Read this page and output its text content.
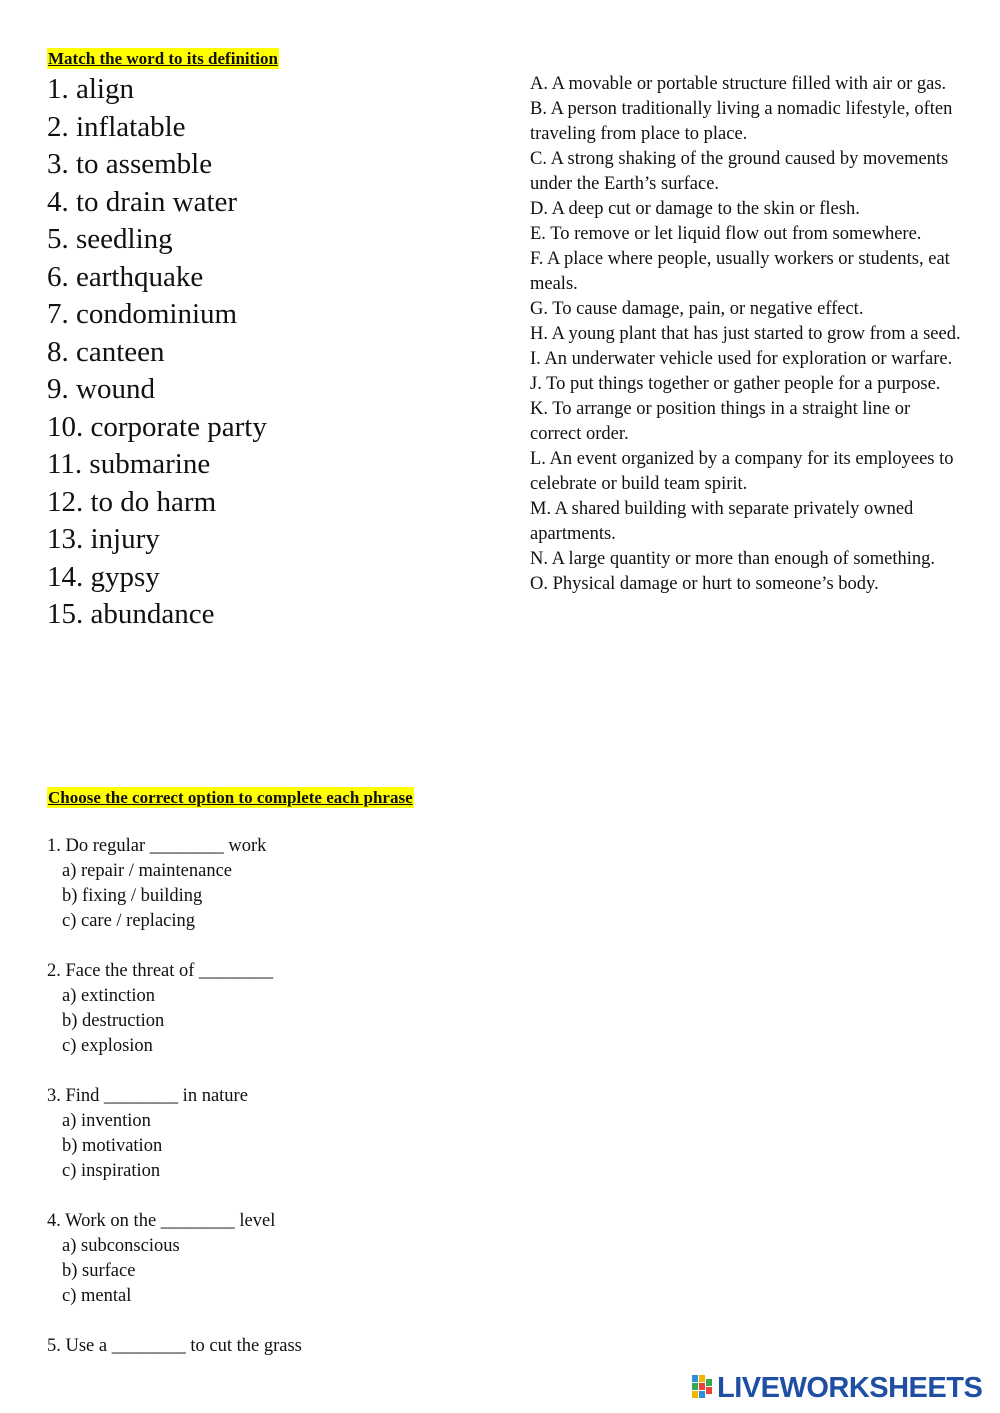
Match the word to its definition
1. align
2. inflatable
3. to assemble
4. to drain water
5. seedling
6. earthquake
7. condominium
8. canteen
9. wound
10. corporate party
11. submarine
12. to do harm
13. injury
14. gypsy
15. abundance
A. A movable or portable structure filled with air or gas.
B. A person traditionally living a nomadic lifestyle, often traveling from place to place.
C. A strong shaking of the ground caused by movements under the Earth’s surface.
D. A deep cut or damage to the skin or flesh.
E. To remove or let liquid flow out from somewhere.
F. A place where people, usually workers or students, eat meals.
G. To cause damage, pain, or negative effect.
H. A young plant that has just started to grow from a seed.
I. An underwater vehicle used for exploration or warfare.
J. To put things together or gather people for a purpose.
K. To arrange or position things in a straight line or correct order.
L. An event organized by a company for its employees to celebrate or build team spirit.
M. A shared building with separate privately owned apartments.
N. A large quantity or more than enough of something.
O. Physical damage or hurt to someone’s body.
Choose the correct option to complete each phrase
1. Do regular ________ work
a) repair / maintenance
b) fixing / building
c) care / replacing
2. Face the threat of ________
a) extinction
b) destruction
c) explosion
3. Find ________ in nature
a) invention
b) motivation
c) inspiration
4. Work on the ________ level
a) subconscious
b) surface
c) mental
5. Use a ________ to cut the grass
LIVEWORKSHEETS
